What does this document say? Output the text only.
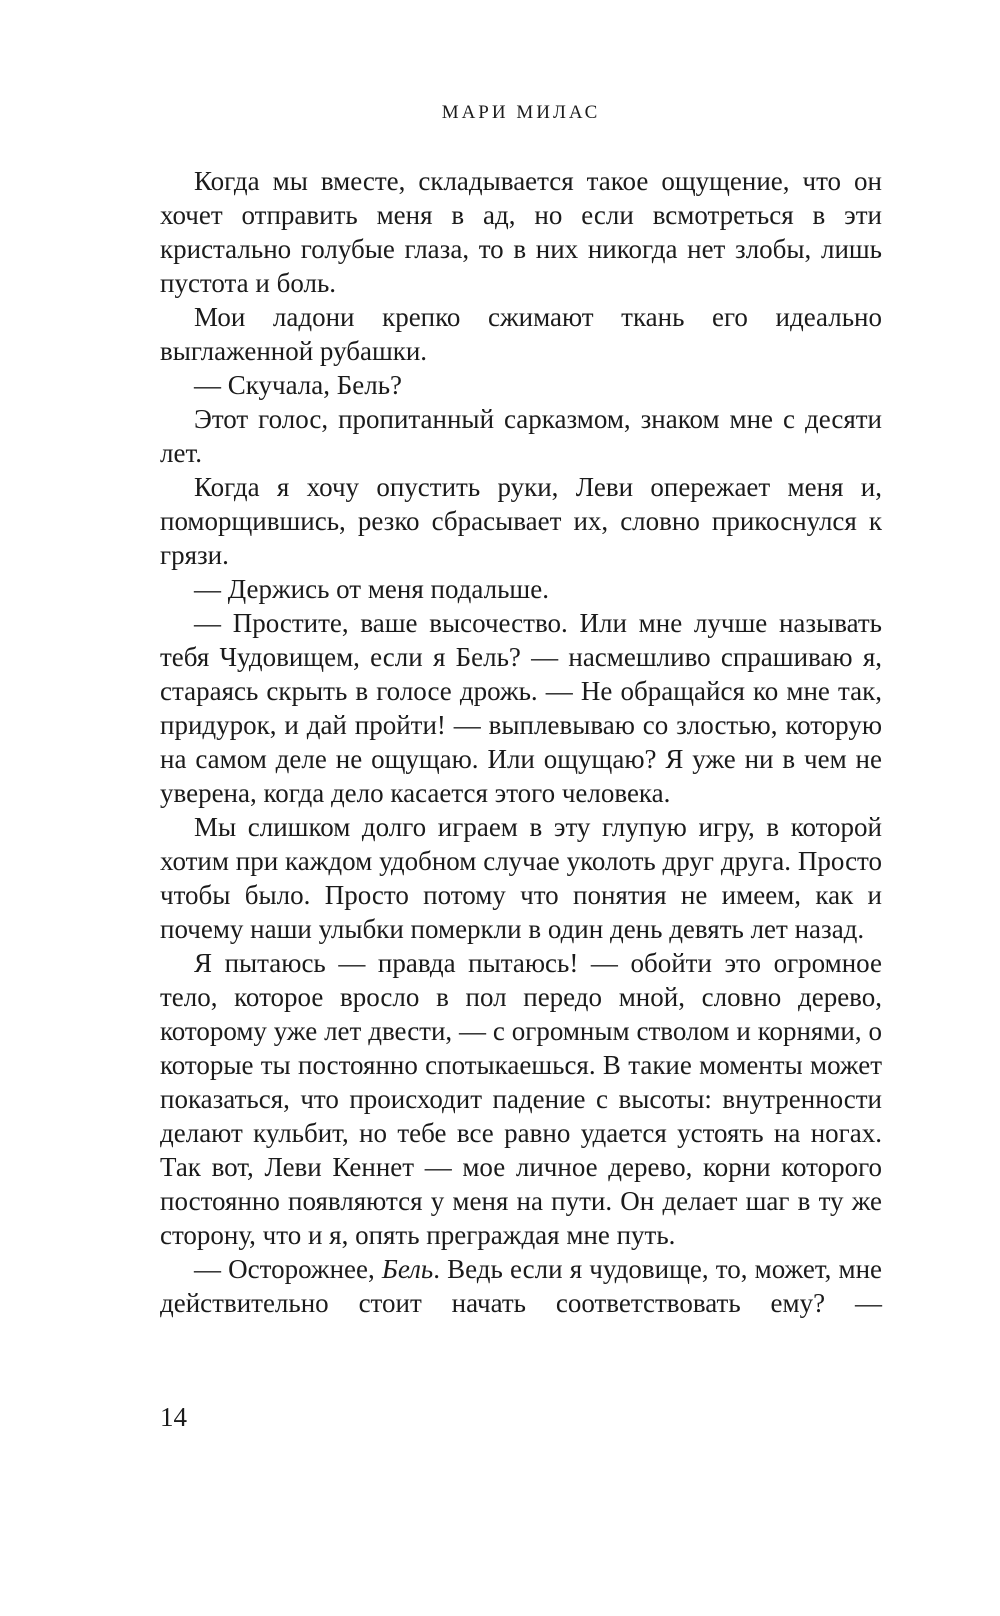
МАРИ МИЛАС

Когда мы вместе, складывается такое ощущение, что он хочет отправить меня в ад, но если всмотреться в эти кристально голубые глаза, то в них никогда нет злобы, лишь пустота и боль.

Мои ладони крепко сжимают ткань его идеально выглаженной рубашки.

— Скучала, Бель?

Этот голос, пропитанный сарказмом, знаком мне с десяти лет.

Когда я хочу опустить руки, Леви опережает меня и, поморщившись, резко сбрасывает их, словно прикоснулся к грязи.

— Держись от меня подальше.

— Простите, ваше высочество. Или мне лучше называть тебя Чудовищем, если я Бель? — насмешливо спрашиваю я, стараясь скрыть в голосе дрожь. — Не обращайся ко мне так, придурок, и дай пройти! — выплевываю со злостью, которую на самом деле не ощущаю. Или ощущаю? Я уже ни в чем не уверена, когда дело касается этого человека.

Мы слишком долго играем в эту глупую игру, в которой хотим при каждом удобном случае уколоть друг друга. Просто чтобы было. Просто потому что понятия не имеем, как и почему наши улыбки померкли в один день девять лет назад.

Я пытаюсь — правда пытаюсь! — обойти это огромное тело, которое вросло в пол передо мной, словно дерево, которому уже лет двести, — с огромным стволом и корнями, о которые ты постоянно спотыкаешься. В такие моменты может показаться, что происходит падение с высоты: внутренности делают кульбит, но тебе все равно удается устоять на ногах. Так вот, Леви Кеннет — мое личное дерево, корни которого постоянно появляются у меня на пути. Он делает шаг в ту же сторону, что и я, опять преграждая мне путь.

— Осторожнее, Бель. Ведь если я чудовище, то, может, мне действительно стоит начать соответствовать ему? —

14
